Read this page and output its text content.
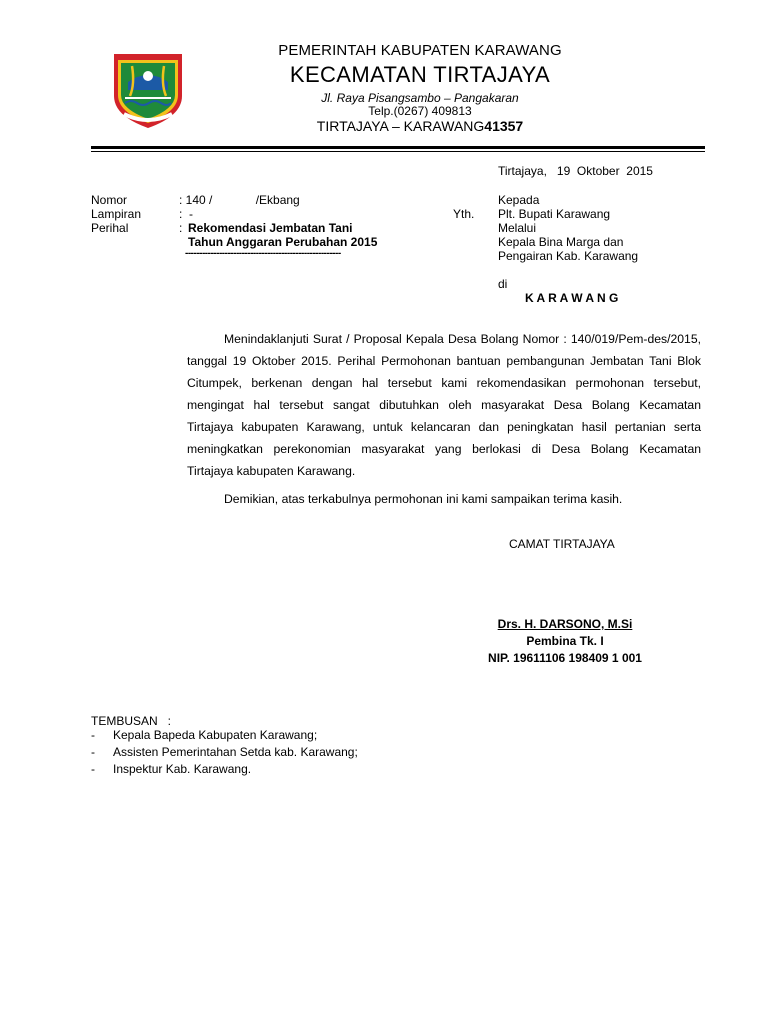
PEMERINTAH KABUPATEN KARAWANG
KECAMATAN TIRTAJAYA
Jl. Raya Pisangsambo – Pangakaran
Telp.(0267) 409813
TIRTAJAYA – KARAWANG41357
Tirtajaya,   19  Oktober  2015
Nomor	: 140 /             /Ekbang
Lampiran	:  -
Perihal	: Rekomendasi Jembatan Tani
Tahun Anggaran Perubahan 2015
-------------------------------------------------------
Kepada
Yth. Plt. Bupati Karawang
Melalui
Kepala Bina Marga dan
Pengairan Kab. Karawang
di
K A R A W A N G
Menindaklanjuti Surat / Proposal Kepala Desa Bolang Nomor : 140/019/Pem-des/2015,
tanggal 19 Oktober 2015. Perihal Permohonan bantuan pembangunan Jembatan Tani Blok
Citumpek, berkenan dengan hal tersebut kami rekomendasikan permohonan tersebut,
mengingat hal tersebut sangat dibutuhkan oleh masyarakat Desa Bolang Kecamatan
Tirtajaya kabupaten Karawang, untuk kelancaran dan peningkatan hasil pertanian serta
meningkatkan perekonomian masyarakat yang berlokasi di Desa Bolang Kecamatan
Tirtajaya kabupaten Karawang.
Demikian, atas terkabulnya permohonan ini kami sampaikan terima kasih.
CAMAT TIRTAJAYA
Drs. H. DARSONO, M.Si
Pembina Tk. I
NIP. 19611106 198409 1 001
TEMBUSAN   :
- Kepala Bapeda Kabupaten Karawang;
- Assisten Pemerintahan Setda kab. Karawang;
- Inspektur Kab. Karawang.
